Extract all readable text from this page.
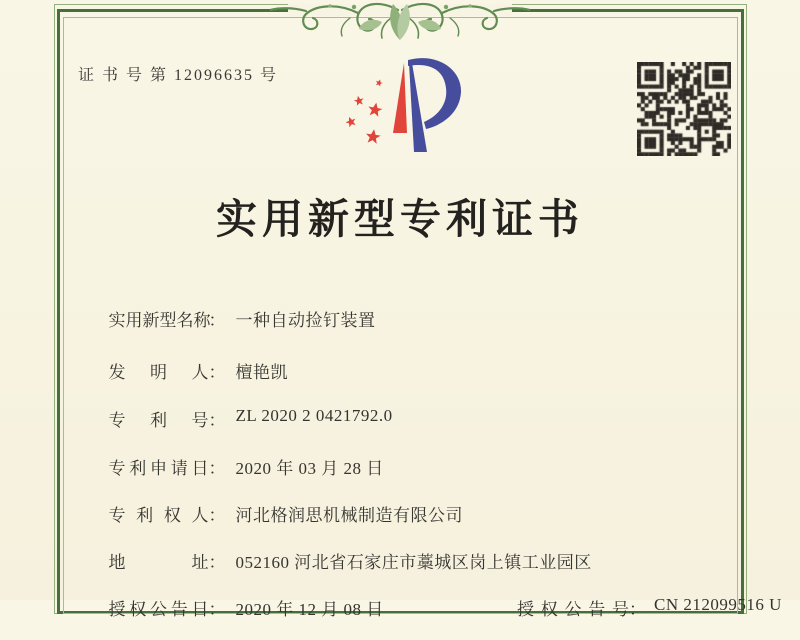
证 书 号 第 12096635 号
实用新型专利证书

实用新型名称： 一种自动捡钉装置

发明人： 檀艳凯

专利号： ZL 2020 2 0421792.0

专利申请日： 2020 年 03 月 28 日

专利权人： 河北格润思机械制造有限公司

地址： 052160 河北省石家庄市藁城区岗上镇工业园区

授权公告日： 2020 年 12 月 08 日
	授权公告号： CN 212099516 U
